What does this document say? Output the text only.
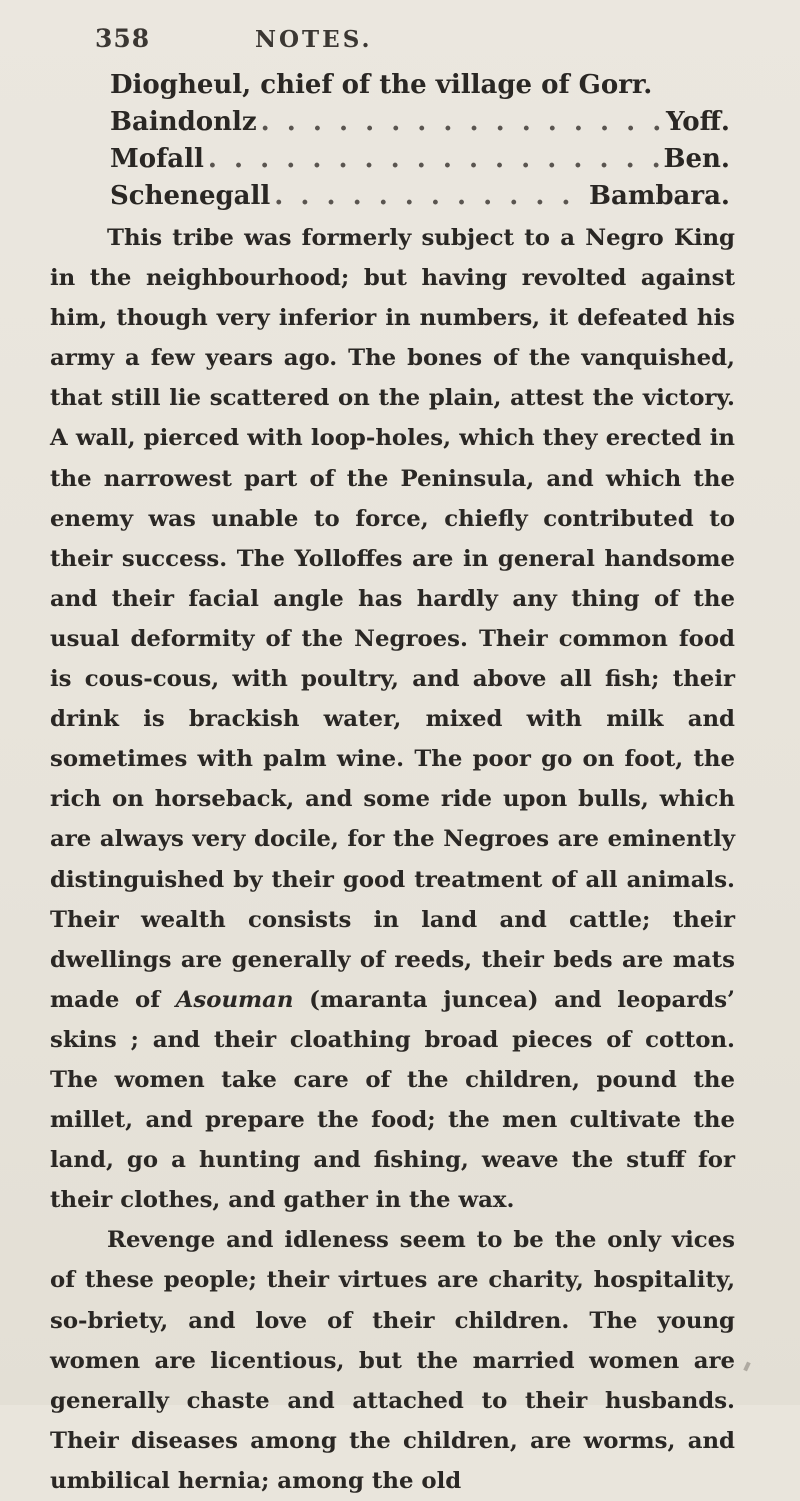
358	NOTES.
Diogheul, chief of the village of Gorr.
Baindonlz . . .	Yoff.
Mofall . . .	Ben.
Schenegall . . .	Bambara.

This tribe was formerly subject to a Negro King in the neighbourhood; but having revolted against him, though very inferior in numbers, it defeated his army a few years ago. The bones of the vanquished, that still lie scattered on the plain, attest the victory. A wall, pierced with loop-holes, which they erected in the narrowest part of the Peninsula, and which the enemy was unable to force, chiefly contributed to their success. The Yolloffes are in general handsome and their facial angle has hardly any thing of the usual deformity of the Negroes. Their common food is cous-cous, with poultry, and above all fish; their drink is brackish water, mixed with milk and sometimes with palm wine. The poor go on foot, the rich on horseback, and some ride upon bulls, which are always very docile, for the Negroes are eminently distinguished by their good treatment of all animals. Their wealth consists in land and cattle; their dwellings are generally of reeds, their beds are mats made of Asouman (maranta juncea) and leopards’ skins ; and their cloathing broad pieces of cotton. The women take care of the children, pound the millet, and prepare the food; the men cultivate the land, go a hunting and fishing, weave the stuff for their clothes, and gather in the wax.

Revenge and idleness seem to be the only vices of these people; their virtues are charity, hospitality, so-briety, and love of their children. The young women are licentious, but the married women are generally chaste and attached to their husbands. Their diseases among the children, are worms, and umbilical hernia; among the old
